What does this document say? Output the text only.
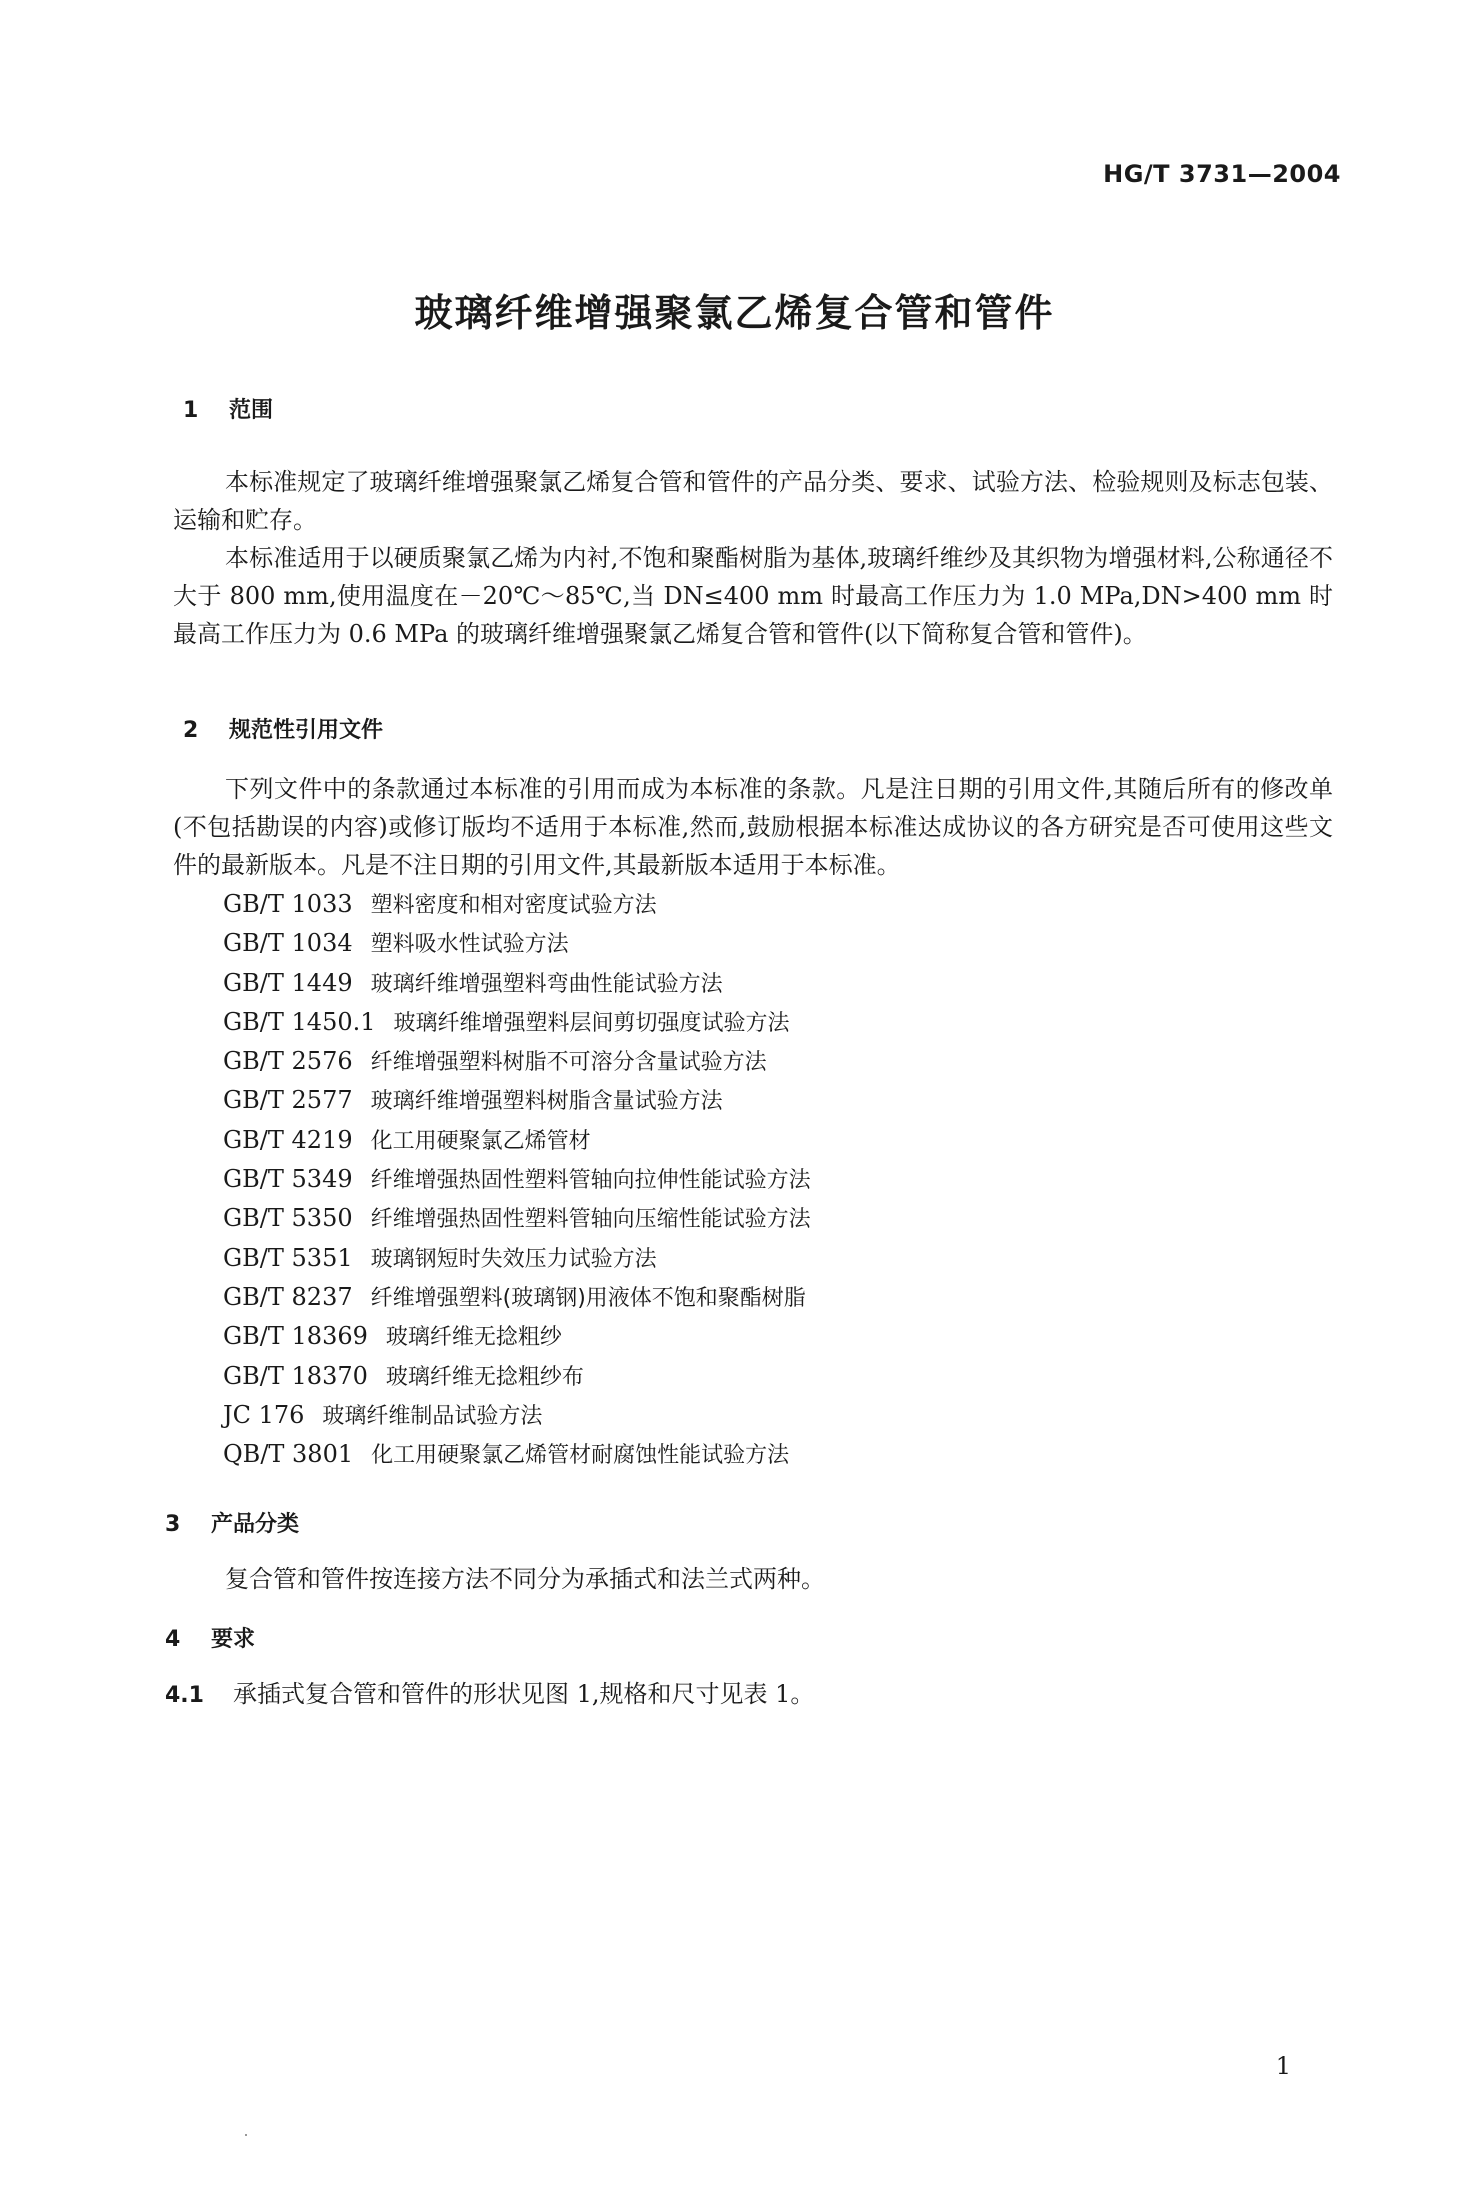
HG/T 3731—2004
玻璃纤维增强聚氯乙烯复合管和管件
1	范围

本标准规定了玻璃纤维增强聚氯乙烯复合管和管件的产品分类、要求、试验方法、检验规则及标志包装、运输和贮存。

本标准适用于以硬质聚氯乙烯为内衬,不饱和聚酯树脂为基体,玻璃纤维纱及其织物为增强材料,公称通径不大于 800 mm,使用温度在－20℃～85℃,当 DN≤400 mm 时最高工作压力为 1.0 MPa,DN>400 mm 时最高工作压力为 0.6 MPa 的玻璃纤维增强聚氯乙烯复合管和管件(以下简称复合管和管件)。

2	规范性引用文件

下列文件中的条款通过本标准的引用而成为本标准的条款。凡是注日期的引用文件,其随后所有的修改单(不包括勘误的内容)或修订版均不适用于本标准,然而,鼓励根据本标准达成协议的各方研究是否可使用这些文件的最新版本。凡是不注日期的引用文件,其最新版本适用于本标准。

GB/T 1033 塑料密度和相对密度试验方法
GB/T 1034 塑料吸水性试验方法
GB/T 1449 玻璃纤维增强塑料弯曲性能试验方法
GB/T 1450.1 玻璃纤维增强塑料层间剪切强度试验方法
GB/T 2576 纤维增强塑料树脂不可溶分含量试验方法
GB/T 2577 玻璃纤维增强塑料树脂含量试验方法
GB/T 4219 化工用硬聚氯乙烯管材
GB/T 5349 纤维增强热固性塑料管轴向拉伸性能试验方法
GB/T 5350 纤维增强热固性塑料管轴向压缩性能试验方法
GB/T 5351 玻璃钢短时失效压力试验方法
GB/T 8237 纤维增强塑料(玻璃钢)用液体不饱和聚酯树脂
GB/T 18369 玻璃纤维无捻粗纱
GB/T 18370 玻璃纤维无捻粗纱布
JC 176 玻璃纤维制品试验方法
QB/T 3801 化工用硬聚氯乙烯管材耐腐蚀性能试验方法
3	产品分类

复合管和管件按连接方法不同分为承插式和法兰式两种。

4	要求
4.1	承插式复合管和管件的形状见图 1,规格和尺寸见表 1。
1
